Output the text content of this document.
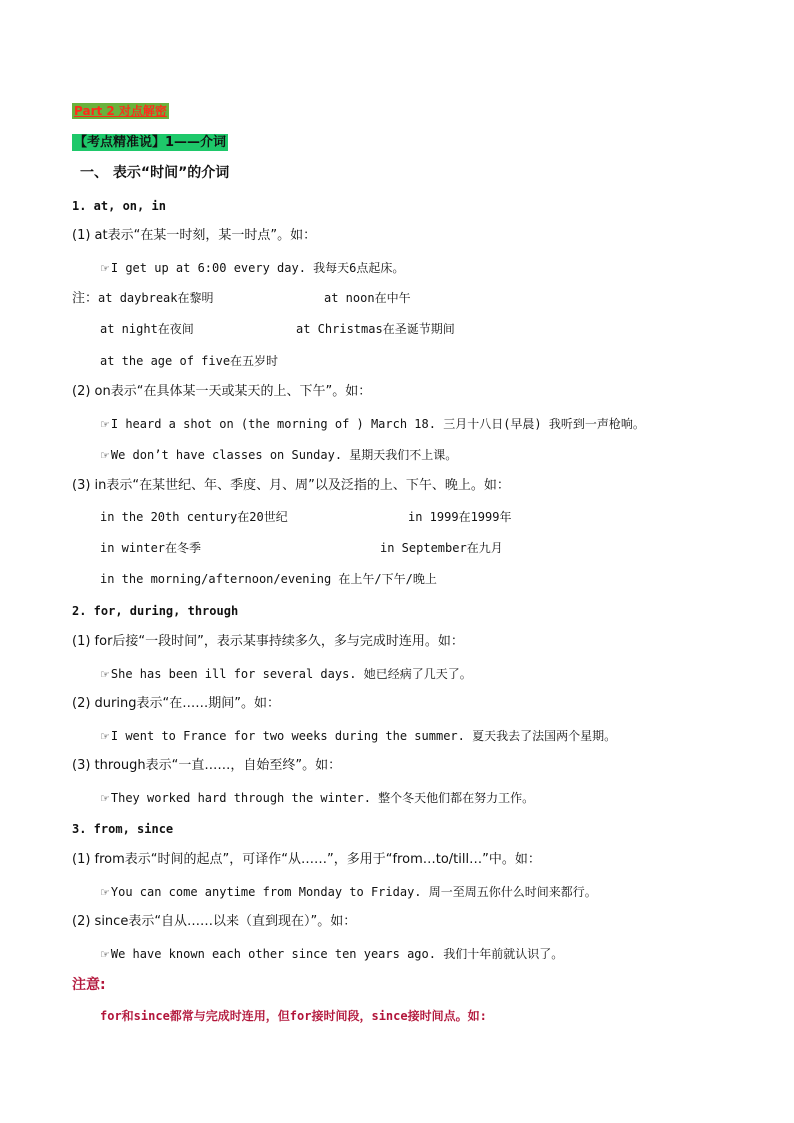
Part 2 对点解密
【考点精准说】1——介词
一、 表示“时间”的介词
1. at, on, in
(1) at表示“在某一时刻，某一时点”。如：
☞I get up at 6:00 every day. 我每天6点起床。
注：at daybreak在黎明	at noon在中午
at night在夜间	at Christmas在圣诞节期间
at the age of five在五岁时
(2) on表示“在具体某一天或某天的上、下午”。如：
☞I heard a shot on (the morning of ) March 18. 三月十八日(早晨) 我听到一声枪响。
☞We don’t have classes on Sunday. 星期天我们不上课。
(3) in表示“在某世纪、年、季度、月、周”以及泛指的上、下午、晚上。如：
in the 20th century在20世纪	in 1999在1999年
in winter在冬季	in September在九月
in the morning/afternoon/evening 在上午/下午/晚上
2. for, during, through
(1) for后接“一段时间”，表示某事持续多久，多与完成时连用。如：
☞She has been ill for several days. 她已经病了几天了。
(2) during表示“在……期间”。如：
☞I went to France for two weeks during the summer. 夏天我去了法国两个星期。
(3) through表示“一直……，自始至终”。如：
☞They worked hard through the winter. 整个冬天他们都在努力工作。
3. from, since
(1) from表示“时间的起点”，可译作“从……”，多用于“from…to/till…”中。如：
☞You can come anytime from Monday to Friday. 周一至周五你什么时间来都行。
(2) since表示“自从……以来（直到现在）”。如：
☞We have known each other since ten years ago. 我们十年前就认识了。
注意:
for和since都常与完成时连用，但for接时间段，since接时间点。如:
